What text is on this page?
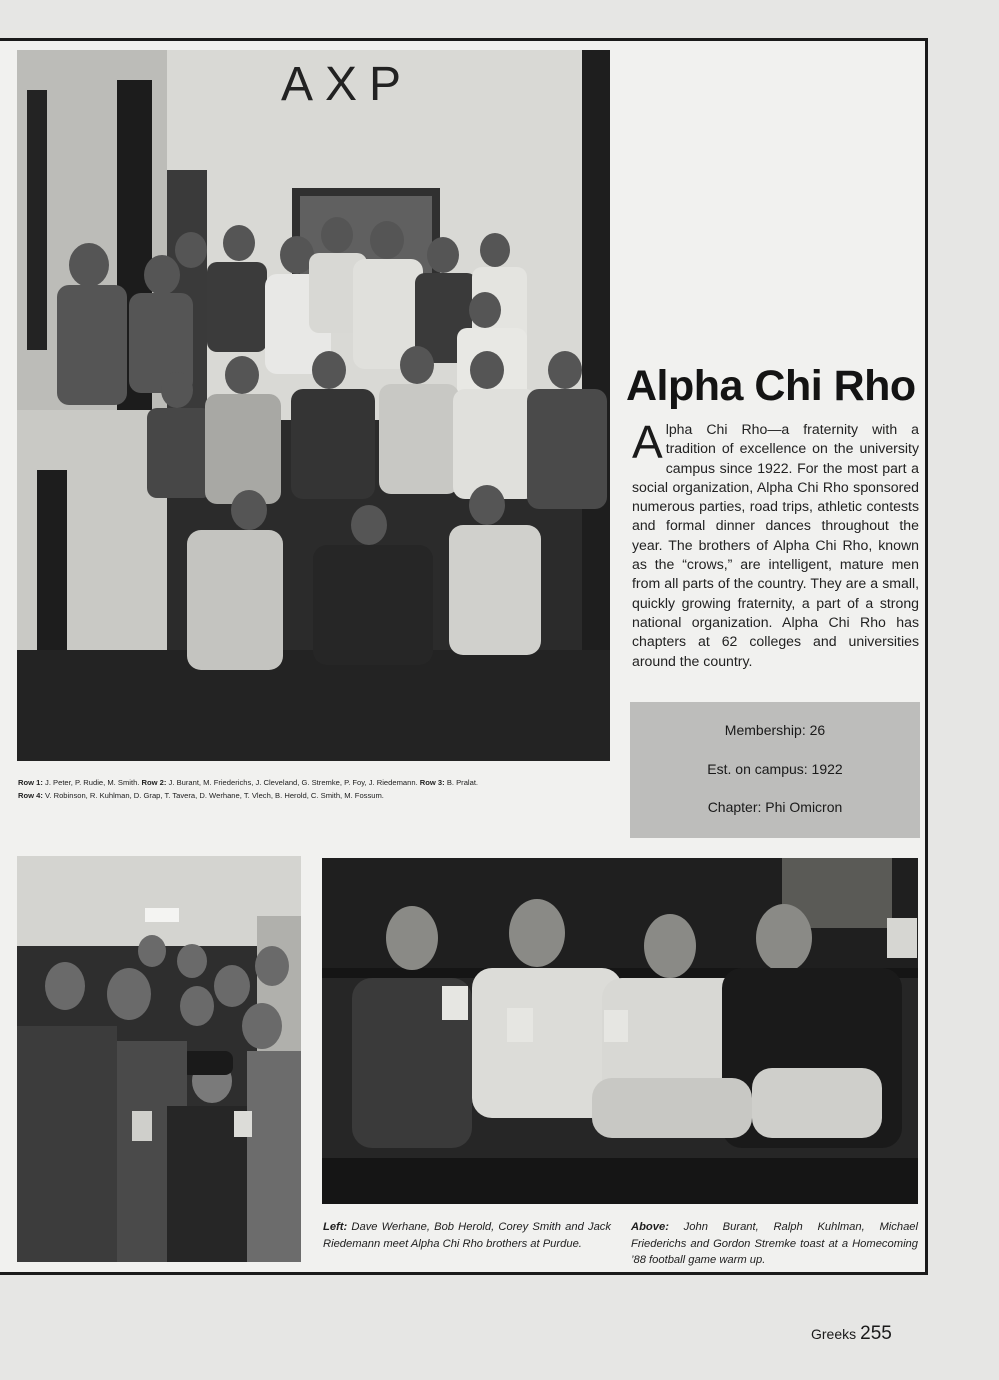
AXP
Row 1: J. Peter, P. Rudie, M. Smith. Row 2: J. Burant, M. Friederichs, J. Cleveland, G. Stremke, P. Foy, J. Riedemann. Row 3: B. Pralat.
Row 4: V. Robinson, R. Kuhlman, D. Grap, T. Tavera, D. Werhane, T. Vlech, B. Herold, C. Smith, M. Fossum.
Alpha Chi Rho
Alpha Chi Rho—a fraternity with a tradition of excellence on the university campus since 1922. For the most part a social organization, Alpha Chi Rho sponsored numerous parties, road trips, athletic contests and formal dinner dances throughout the year. The brothers of Alpha Chi Rho, known as the “crows,” are intelligent, mature men from all parts of the country. They are a small, quickly growing fraternity, a part of a strong national organization. Alpha Chi Rho has chapters at 62 colleges and universities around the country.
Membership: 26
Est. on campus: 1922
Chapter: Phi Omicron
Left: Dave Werhane, Bob Herold, Corey Smith and Jack Riedemann meet Alpha Chi Rho brothers at Purdue.
Above: John Burant, Ralph Kuhlman, Michael Friederichs and Gordon Stremke toast at a Homecoming ’88 football game warm up.
Greeks 255
